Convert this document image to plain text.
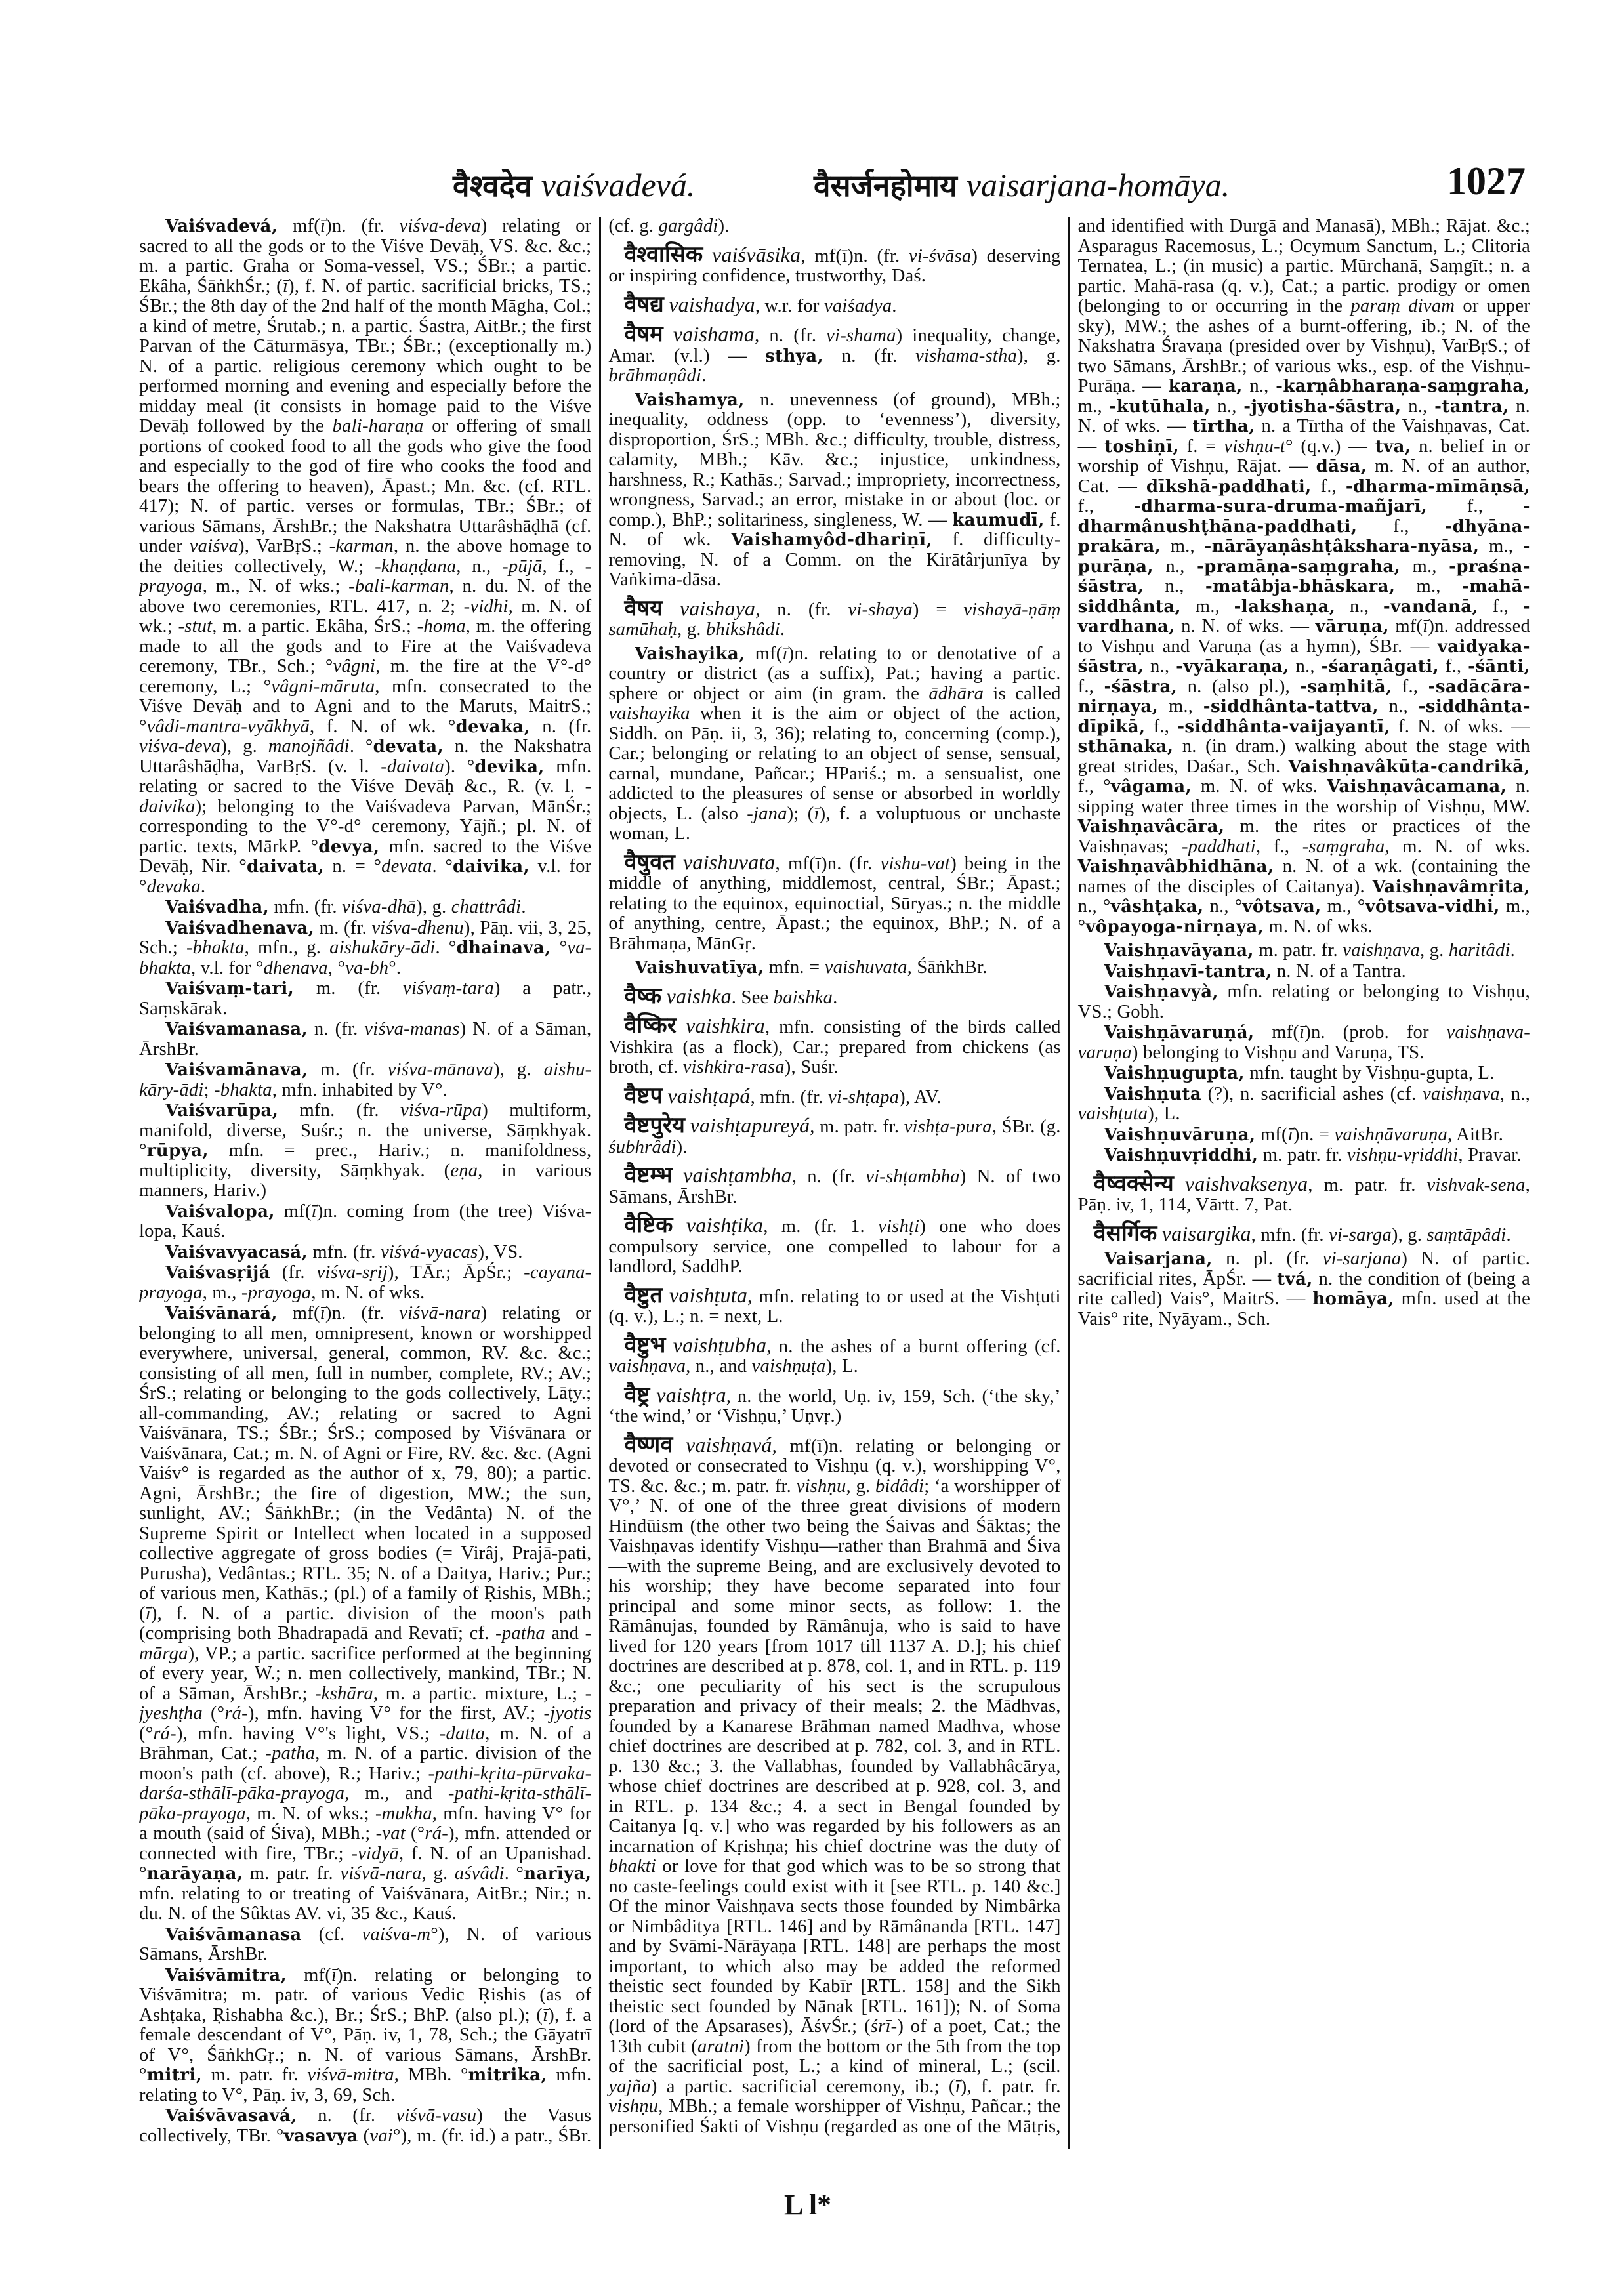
वैश्वदेव vaiśvadevá.	वैसर्जनहोमाय vaisarjana-homāya.	1027

Vaiśvadevá, mf(ī)n. (fr. viśva-deva) relating or sacred to all the gods or to the Viśve Devāḥ, VS. &c. &c.; m. a partic. Graha or Soma-vessel, VS.; ŚBr.; a partic. Ekâha, ŚāṅkhŚr.; (ī), f. N. of partic. sacrificial bricks, TS.; ŚBr.; the 8th day of the 2nd half of the month Māgha, Col.; a kind of metre, Śrutab.; n. a partic. Śastra, AitBr.; the first Parvan of the Cāturmāsya, TBr.; ŚBr.; (exceptionally m.) N. of a partic. religious ceremony which ought to be performed morning and evening and especially before the midday meal (it consists in homage paid to the Viśve Devāḥ followed by the bali-haraṇa or offering of small portions of cooked food to all the gods who give the food and especially to the god of fire who cooks the food and bears the offering to heaven), Āpast.; Mn. &c. (cf. RTL. 417); N. of partic. verses or formulas, TBr.; ŚBr.; of various Sāmans, ĀrshBr.; the Nakshatra Uttarâshāḍhā (cf. under vaiśva), VarBṛS.; -karman, n. the above homage to the deities collectively, W.; -khaṇḍana, n., -pūjā, f., -prayoga, m., N. of wks.; -bali-karman, n. du. N. of the above two ceremonies, RTL. 417, n. 2; -vidhi, m. N. of wk.; -stut, m. a partic. Ekâha, ŚrS.; -homa, m. the offering made to all the gods and to Fire at the Vaiśvadeva ceremony, TBr., Sch.; °vâgni, m. the fire at the V°-d° ceremony, L.; °vâgni-māruta, mfn. consecrated to the Viśve Devāḥ and to Agni and to the Maruts, MaitrS.; °vâdi-mantra-vyākhyā, f. N. of wk. °devaka, n. (fr. viśva-deva), g. manojñâdi. °devata, n. the Nakshatra Uttarâshāḍha, VarBṛS. (v. l. -daivata). °devika, mfn. relating or sacred to the Viśve Devāḥ &c., R. (v. l. -daivika); belonging to the Vaiśvadeva Parvan, MānŚr.; corresponding to the V°-d° ceremony, Yājñ.; pl. N. of partic. texts, MārkP. °devya, mfn. sacred to the Viśve Devāḥ, Nir. °daivata, n. = °devata. °daivika, v.l. for °devaka.

Vaiśvadha, mfn. (fr. viśva-dhā), g. chattrâdi.

Vaiśvadhenava, m. (fr. viśva-dhenu), Pāṇ. vii, 3, 25, Sch.; -bhakta, mfn., g. aishukāry-ādi. °dhainava, °va-bhakta, v.l. for °dhenava, °va-bh°.

Vaiśvaṃ-tari, m. (fr. viśvaṃ-tara) a patr., Saṃskārak.

Vaiśvamanasa, n. (fr. viśva-manas) N. of a Sāman, ĀrshBr.

Vaiśvamānava, m. (fr. viśva-mānava), g. aishu-kāry-ādi; -bhakta, mfn. inhabited by V°.

Vaiśvarūpa, mfn. (fr. viśva-rūpa) multiform, manifold, diverse, Suśr.; n. the universe, Sāṃkhyak. °rūpya, mfn. = prec., Hariv.; n. manifoldness, multiplicity, diversity, Sāṃkhyak. (eṇa, in various manners, Hariv.)

Vaiśvalopa, mf(ī)n. coming from (the tree) Viśva-lopa, Kauś.

Vaiśvavyacasá, mfn. (fr. viśvá-vyacas), VS.

Vaiśvasṛijá (fr. viśva-sṛij), TĀr.; ĀpŚr.; -cayana-prayoga, m., -prayoga, m. N. of wks.

Vaiśvānará, mf(ī)n. (fr. viśvā-nara) relating or belonging to all men, omnipresent, known or worshipped everywhere, universal, general, common, RV. &c. &c.; consisting of all men, full in number, complete, RV.; AV.; ŚrS.; relating or belonging to the gods collectively, Lāṭy.; all-commanding, AV.; relating or sacred to Agni Vaiśvānara, TS.; ŚBr.; ŚrS.; composed by Viśvānara or Vaiśvānara, Cat.; m. N. of Agni or Fire, RV. &c. &c. (Agni Vaiśv° is regarded as the author of x, 79, 80); a partic. Agni, ĀrshBr.; the fire of digestion, MW.; the sun, sunlight, AV.; ŚāṅkhBr.; (in the Vedânta) N. of the Supreme Spirit or Intellect when located in a supposed collective aggregate of gross bodies (= Virâj, Prajā-pati, Purusha), Vedântas.; RTL. 35; N. of a Daitya, Hariv.; Pur.; of various men, Kathās.; (pl.) of a family of Ṛishis, MBh.; (ī), f. N. of a partic. division of the moon's path (comprising both Bhadrapadā and Revatī; cf. -patha and -mārga), VP.; a partic. sacrifice performed at the beginning of every year, W.; n. men collectively, mankind, TBr.; N. of a Sāman, ĀrshBr.; -kshāra, m. a partic. mixture, L.; -jyeshṭha (°rá-), mfn. having V° for the first, AV.; -jyotis (°rá-), mfn. having V°'s light, VS.; -datta, m. N. of a Brāhman, Cat.; -patha, m. N. of a partic. division of the moon's path (cf. above), R.; Hariv.; -pathi-kṛita-pūrvaka-darśa-sthālī-pāka-prayoga, m., and -pathi-kṛita-sthālī-pāka-prayoga, m. N. of wks.; -mukha, mfn. having V° for a mouth (said of Śiva), MBh.; -vat (°rá-), mfn. attended or connected with fire, TBr.; -vidyā, f. N. of an Upanishad. °narāyaṇa, m. patr. fr. viśvā-nara, g. aśvâdi. °narīya, mfn. relating to or treating of Vaiśvānara, AitBr.; Nir.; n. du. N. of the Sûktas AV. vi, 35 &c., Kauś.

Vaiśvāmanasa (cf. vaiśva-m°), N. of various Sāmans, ĀrshBr.

Vaiśvāmitra, mf(ī)n. relating or belonging to Viśvāmitra; m. patr. of various Vedic Ṛishis (as of Ashṭaka, Ṛishabha &c.), Br.; ŚrS.; BhP. (also pl.); (ī), f. a female descendant of V°, Pāṇ. iv, 1, 78, Sch.; the Gāyatrī of V°, ŚāṅkhGṛ.; n. N. of various Sāmans, ĀrshBr. °mitri, m. patr. fr. viśvā-mitra, MBh. °mitrika, mfn. relating to V°, Pāṇ. iv, 3, 69, Sch.

Vaiśvāvasavá, n. (fr. viśvā-vasu) the Vasus collectively, TBr. °vasavya (vai°), m. (fr. id.) a patr., ŚBr. (cf. g. gargâdi).

वैश्वासिक vaiśvāsika, mf(ī)n. (fr. vi-śvāsa) deserving or inspiring confidence, trustworthy, Daś.

वैषद्य vaishadya, w.r. for vaiśadya.

वैषम vaishama, n. (fr. vi-shama) inequality, change, Amar. (v.l.) — sthya, n. (fr. vishama-stha), g. brāhmaṇâdi.

Vaishamya, n. unevenness (of ground), MBh.; inequality, oddness (opp. to ‘evenness’), diversity, disproportion, ŚrS.; MBh. &c.; difficulty, trouble, distress, calamity, MBh.; Kāv. &c.; injustice, unkindness, harshness, R.; Kathās.; Sarvad.; impropriety, incorrectness, wrongness, Sarvad.; an error, mistake in or about (loc. or comp.), BhP.; solitariness, singleness, W. — kaumudī, f. N. of wk. Vaishamyôd-dhariṇī, f. difficulty-removing, N. of a Comm. on the Kirātârjunīya by Vaṅkima-dāsa.

वैषय vaishaya, n. (fr. vi-shaya) = vishayā-ṇāṃ samūhaḥ, g. bhikshâdi.

Vaishayika, mf(ī)n. relating to or denotative of a country or district (as a suffix), Pat.; having a partic. sphere or object or aim (in gram. the ādhāra is called vaishayika when it is the aim or object of the action, Siddh. on Pāṇ. ii, 3, 36); relating to, concerning (comp.), Car.; belonging or relating to an object of sense, sensual, carnal, mundane, Pañcar.; HPariś.; m. a sensualist, one addicted to the pleasures of sense or absorbed in worldly objects, L. (also -jana); (ī), f. a voluptuous or unchaste woman, L.

वैषुवत vaishuvata, mf(ī)n. (fr. vishu-vat) being in the middle of anything, middlemost, central, ŚBr.; Āpast.; relating to the equinox, equinoctial, Sūryas.; n. the middle of anything, centre, Āpast.; the equinox, BhP.; N. of a Brāhmaṇa, MānGṛ.

Vaishuvatīya, mfn. = vaishuvata, ŚāṅkhBr.

वैष्क vaishka. See baishka.

वैष्किर vaishkira, mfn. consisting of the birds called Vishkira (as a flock), Car.; prepared from chickens (as broth, cf. vishkira-rasa), Suśr.

वैष्टप vaishṭapá, mfn. (fr. vi-shṭapa), AV.

वैष्टपुरेय vaishṭapureyá, m. patr. fr. vishṭa-pura, ŚBr. (g. śubhrâdi).

वैष्टम्भ vaishṭambha, n. (fr. vi-shṭambha) N. of two Sāmans, ĀrshBr.

वैष्टिक vaishṭika, m. (fr. 1. vishṭi) one who does compulsory service, one compelled to labour for a landlord, SaddhP.

वैष्टुत vaishṭuta, mfn. relating to or used at the Vishṭuti (q. v.), L.; n. = next, L.

वैष्टुभ vaishṭubha, n. the ashes of a burnt offering (cf. vaishṇava, n., and vaishṇuṭa), L.

वैष्ट्र vaishṭra, n. the world, Uṇ. iv, 159, Sch. (‘the sky,’ ‘the wind,’ or ‘Vishṇu,’ Uṇvṛ.)

वैष्णव vaishṇavá, mf(ī)n. relating or belonging or devoted or consecrated to Vishṇu (q. v.), worshipping V°, TS. &c. &c.; m. patr. fr. vishṇu, g. bidâdi; ‘a worshipper of V°,’ N. of one of the three great divisions of modern Hindūism (the other two being the Śaivas and Śāktas; the Vaishṇavas identify Vishṇu—rather than Brahmā and Śiva—with the supreme Being, and are exclusively devoted to his worship; they have become separated into four principal and some minor sects, as follow: 1. the Rāmânujas, founded by Rāmânuja, who is said to have lived for 120 years [from 1017 till 1137 A. D.]; his chief doctrines are described at p. 878, col. 1, and in RTL. p. 119 &c.; one peculiarity of his sect is the scrupulous preparation and privacy of their meals; 2. the Mādhvas, founded by a Kanarese Brāhman named Madhva, whose chief doctrines are described at p. 782, col. 3, and in RTL. p. 130 &c.; 3. the Vallabhas, founded by Vallabhâcārya, whose chief doctrines are described at p. 928, col. 3, and in RTL. p. 134 &c.; 4. a sect in Bengal founded by Caitanya [q. v.] who was regarded by his followers as an incarnation of Kṛishṇa; his chief doctrine was the duty of bhakti or love for that god which was to be so strong that no caste-feelings could exist with it [see RTL. p. 140 &c.] Of the minor Vaishṇava sects those founded by Nimbârka or Nimbâditya [RTL. 146] and by Rāmânanda [RTL. 147] and by Svāmi-Nārāyaṇa [RTL. 148] are perhaps the most important, to which also may be added the reformed theistic sect founded by Kabīr [RTL. 158] and the Sikh theistic sect founded by Nānak [RTL. 161]); N. of Soma (lord of the Apsarases), ĀśvŚr.; (śrī-) of a poet, Cat.; the 13th cubit (aratni) from the bottom or the 5th from the top of the sacrificial post, L.; a kind of mineral, L.; (scil. yajña) a partic. sacrificial ceremony, ib.; (ī), f. patr. fr. vishṇu, MBh.; a female worshipper of Vishṇu, Pañcar.; the personified Śakti of Vishṇu (regarded as one of the Mātṛis, and identified with Durgā and Manasā), MBh.; Rājat. &c.; Asparagus Racemosus, L.; Ocymum Sanctum, L.; Clitoria Ternatea, L.; (in music) a partic. Mūrchanā, Saṃgīt.; n. a partic. Mahā-rasa (q. v.), Cat.; a partic. prodigy or omen (belonging to or occurring in the paraṃ divam or upper sky), MW.; the ashes of a burnt-offering, ib.; N. of the Nakshatra Śravaṇa (presided over by Vishṇu), VarBṛS.; of two Sāmans, ĀrshBr.; of various wks., esp. of the Vishṇu-Purāṇa. — karaṇa, n., -karṇâbharaṇa-saṃgraha, m., -kutūhala, n., -jyotisha-śāstra, n., -tantra, n. N. of wks. — tīrtha, n. a Tīrtha of the Vaishṇavas, Cat. — toshiṇī, f. = vishṇu-t° (q.v.) — tva, n. belief in or worship of Vishṇu, Rājat. — dāsa, m. N. of an author, Cat. — dīkshā-paddhati, f., -dharma-mīmāṇsā, f., -dharma-sura-druma-mañjarī, f., -dharmânushṭhāna-paddhati, f., -dhyāna-prakāra, m., -nārāyaṇâshṭâkshara-nyāsa, m., -purāṇa, n., -pramāṇa-saṃgraha, m., -praśna-śāstra, n., -matâbja-bhāskara, m., -mahā-siddhânta, m., -lakshaṇa, n., -vandanā, f., -vardhana, n. N. of wks. — vāruṇa, mf(ī)n. addressed to Vishṇu and Varuṇa (as a hymn), ŚBr. — vaidyaka-śāstra, n., -vyākaraṇa, n., -śaraṇâgati, f., -śānti, f., -śāstra, n. (also pl.), -saṃhitā, f., -sadācāra-nirṇaya, m., -siddhânta-tattva, n., -siddhânta-dīpikā, f., -siddhânta-vaijayantī, f. N. of wks. — sthānaka, n. (in dram.) walking about the stage with great strides, Daśar., Sch. Vaishṇavâkūta-candrikā, f., °vâgama, m. N. of wks. Vaishṇavâcamana, n. sipping water three times in the worship of Vishṇu, MW. Vaishṇavâcāra, m. the rites or practices of the Vaishṇavas; -paddhati, f., -saṃgraha, m. N. of wks. Vaishṇavâbhidhāna, n. N. of a wk. (containing the names of the disciples of Caitanya). Vaishṇavâmṛita, n., °vâshṭaka, n., °vôtsava, m., °vôtsava-vidhi, m., °vôpayoga-nirṇaya, m. N. of wks.

Vaishṇavāyana, m. patr. fr. vaishṇava, g. haritâdi.

Vaishṇavī-tantra, n. N. of a Tantra.

Vaishṇavyà, mfn. relating or belonging to Vishṇu, VS.; Gobh.

Vaishṇāvaruṇá, mf(ī)n. (prob. for vaishṇava-varuṇa) belonging to Vishṇu and Varuṇa, TS.

Vaishṇugupta, mfn. taught by Vishṇu-gupta, L.

Vaishṇuta (?), n. sacrificial ashes (cf. vaishṇava, n., vaishṭuta), L.

Vaishṇuvāruṇa, mf(ī)n. = vaishṇāvaruṇa, AitBr.

Vaishṇuvṛiddhi, m. patr. fr. vishṇu-vṛiddhi, Pravar.

वैष्वक्सेन्य vaishvaksenya, m. patr. fr. vishvak-sena, Pāṇ. iv, 1, 114, Vārtt. 7, Pat.

वैसर्गिक vaisargika, mfn. (fr. vi-sarga), g. saṃtāpâdi.

Vaisarjana, n. pl. (fr. vi-sarjana) N. of partic. sacrificial rites, ĀpŚr. — tvá, n. the condition of (being a rite called) Vais°, MaitrS. — homāya, mfn. used at the Vais° rite, Nyāyam., Sch.

L l*
